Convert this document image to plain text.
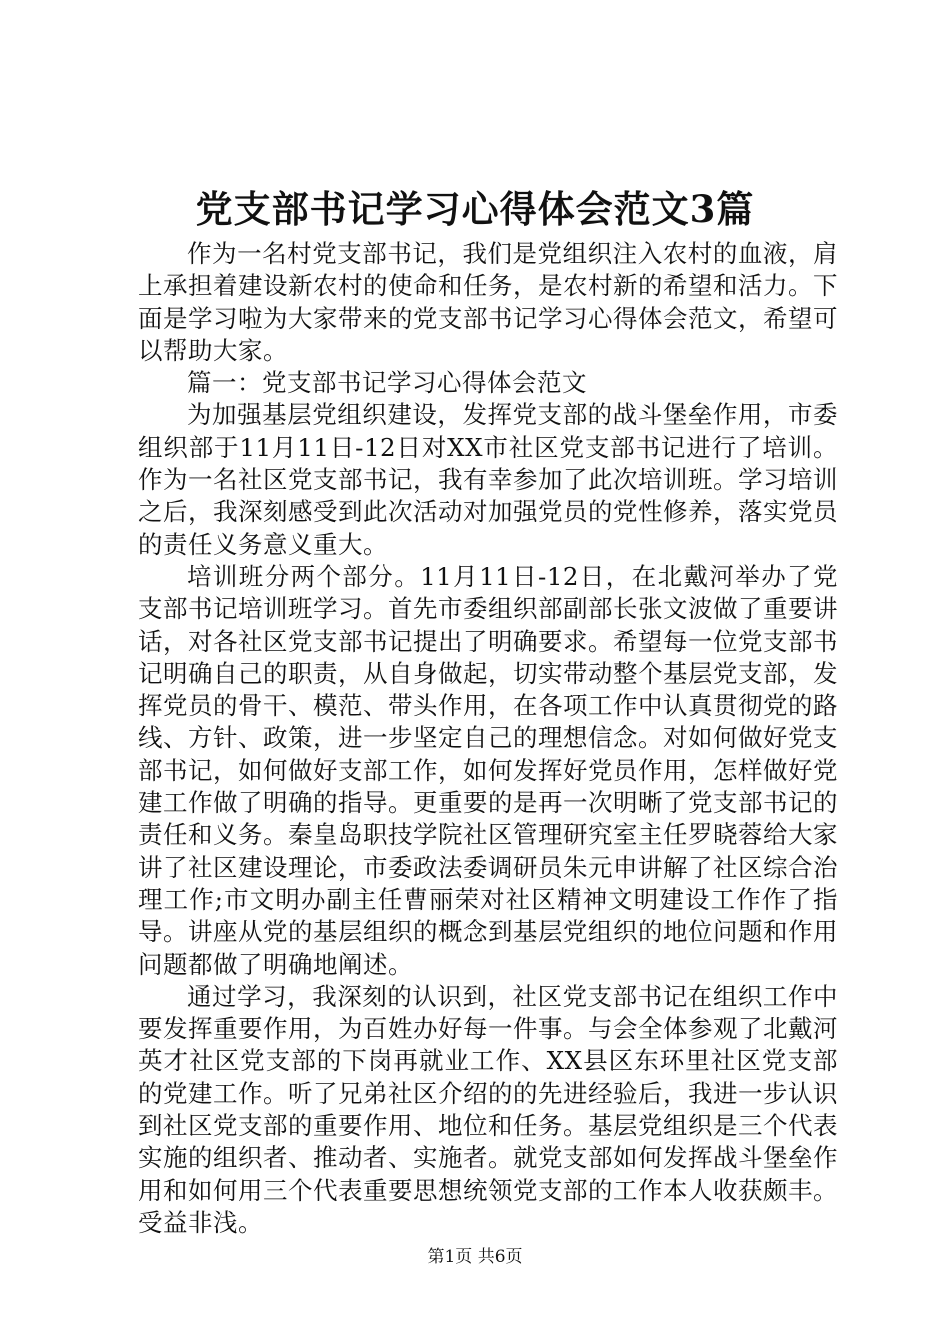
党支部书记学习心得体会范文3篇

作为一名村党支部书记，我们是党组织注入农村的血液，肩上承担着建设新农村的使命和任务，是农村新的希望和活力。下面是学习啦为大家带来的党支部书记学习心得体会范文，希望可以帮助大家。

篇一：党支部书记学习心得体会范文

为加强基层党组织建设，发挥党支部的战斗堡垒作用，市委组织部于11月11日-12日对XX市社区党支部书记进行了培训。作为一名社区党支部书记，我有幸参加了此次培训班。学习培训之后，我深刻感受到此次活动对加强党员的党性修养，落实党员的责任义务意义重大。

培训班分两个部分。11月11日-12日，在北戴河举办了党支部书记培训班学习。首先市委组织部副部长张文波做了重要讲话，对各社区党支部书记提出了明确要求。希望每一位党支部书记明确自己的职责，从自身做起，切实带动整个基层党支部，发挥党员的骨干、模范、带头作用，在各项工作中认真贯彻党的路线、方针、政策，进一步坚定自己的理想信念。对如何做好党支部书记，如何做好支部工作，如何发挥好党员作用，怎样做好党建工作做了明确的指导。更重要的是再一次明晰了党支部书记的责任和义务。秦皇岛职技学院社区管理研究室主任罗晓蓉给大家讲了社区建设理论，市委政法委调研员朱元申讲解了社区综合治理工作;市文明办副主任曹丽荣对社区精神文明建设工作作了指导。讲座从党的基层组织的概念到基层党组织的地位问题和作用问题都做了明确地阐述。

通过学习，我深刻的认识到，社区党支部书记在组织工作中要发挥重要作用，为百姓办好每一件事。与会全体参观了北戴河英才社区党支部的下岗再就业工作、XX县区东环里社区党支部的党建工作。听了兄弟社区介绍的的先进经验后，我进一步认识到社区党支部的重要作用、地位和任务。基层党组织是三个代表实施的组织者、推动者、实施者。就党支部如何发挥战斗堡垒作用和如何用三个代表重要思想统领党支部的工作本人收获颇丰。受益非浅。

第1页 共6页
